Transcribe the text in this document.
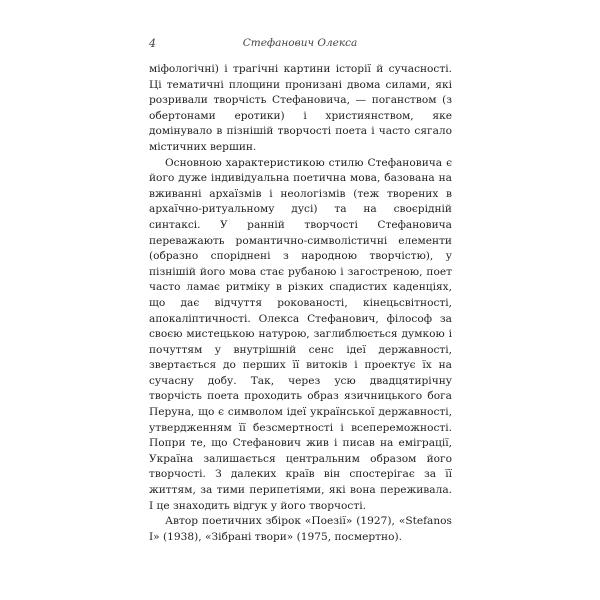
4	Стефанович Олекса

міфологічні) і трагічні картини історії й сучасності. Ці тематичні площини пронизані двома силами, які розривали творчість Стефановича, — поганством (з обертонами еротики) і християнством, яке домінувало в пізнішій творчості поета і часто сягало містичних вершин.

Основною характеристикою стилю Стефановича є його дуже індивідуальна поетична мова, базована на вживанні архаїзмів і неологізмів (теж творених в архаїчно-ритуальному дусі) та на своєрідній синтаксі. У ранній творчості Стефановича переважають романтично-символістичні елементи (образно споріднені з народною творчістю), у пізнішій його мова стає рубаною і загостреною, поет часто ламає ритміку в різких спадистих каденціях, що дає відчуття рокованості, кінецьсвітності, апокаліптичності. Олекса Стефанович, філософ за своєю мистецькою натурою, заглиблюється думкою і почуттям у внутрішній сенс ідеї державності, звертається до перших її витоків і проектує їх на сучасну добу. Так, через усю двадцятирічну творчість поета проходить образ язичницького бога Перуна, що є символом ідеї української державності, утвердженням її безсмертності і всепереможності. Попри те, що Стефанович жив і писав на еміграції, Україна залишається центральним образом його творчості. З далеких країв він спостерігає за її життям, за тими перипетіями, які вона переживала. І це знаходить відгук у його творчості.

Автор поетичних збірок «Поезії» (1927), «Stefanos I» (1938), «Зібрані твори» (1975, посмертно).
